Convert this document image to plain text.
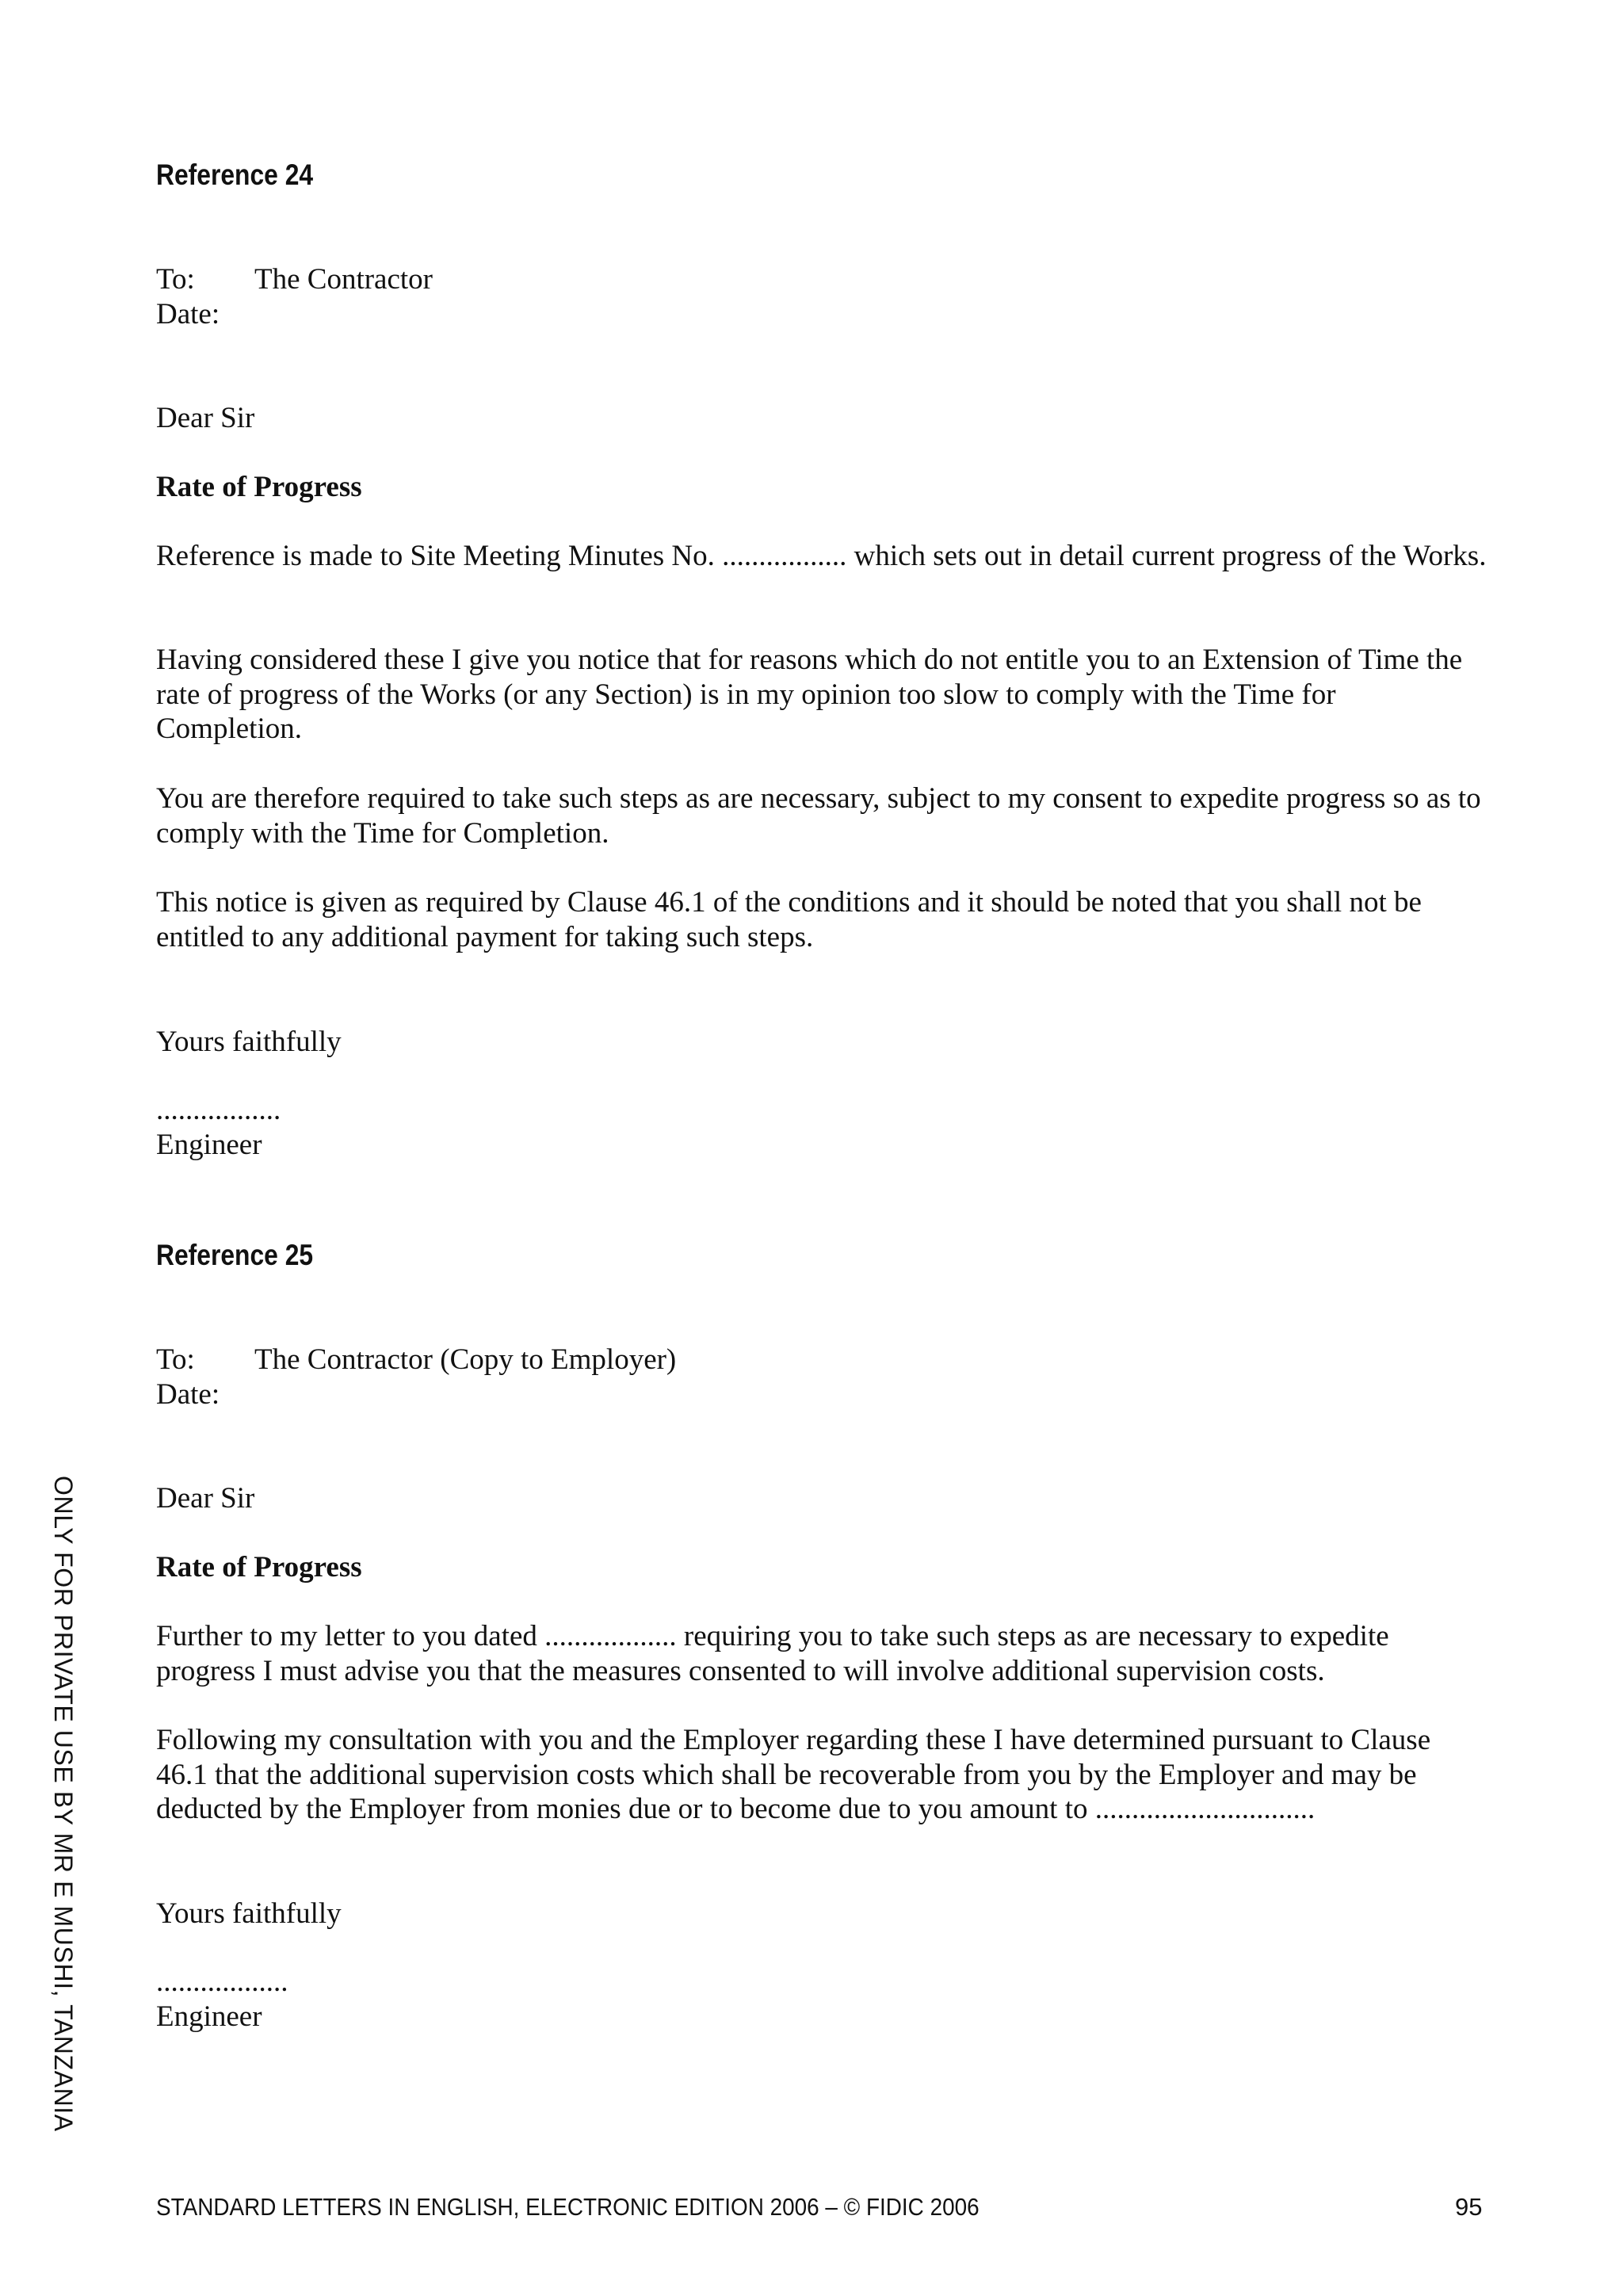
Reference 24
To: The Contractor
Date:
Dear Sir
Rate of Progress
Reference is made to Site Meeting Minutes No. ................. which sets out in detail current progress of the Works.
Having considered these I give you notice that for reasons which do not entitle you to an Extension of Time the rate of progress of the Works (or any Section) is in my opinion too slow to comply with the Time for Completion.
You are therefore required to take such steps as are necessary, subject to my consent to expedite progress so as to comply with the Time for Completion.
This notice is given as required by Clause 46.1 of the conditions and it should be noted that you shall not be entitled to any additional payment for taking such steps.
Yours faithfully
.................
Engineer
Reference 25
To: The Contractor (Copy to Employer)
Date:
Dear Sir
Rate of Progress
Further to my letter to you dated .................. requiring you to take such steps as are necessary to expedite progress I must advise you that the measures consented to will involve additional supervision costs.
Following my consultation with you and the Employer regarding these I have determined pursuant to Clause 46.1 that the additional supervision costs which shall be recoverable from you by the Employer and may be deducted by the Employer from monies due or to become due to you amount to ..............................
Yours faithfully
..................
Engineer
ONLY FOR PRIVATE USE BY MR E MUSHI, TANZANIA
STANDARD LETTERS IN ENGLISH, ELECTRONIC EDITION 2006 – © FIDIC 2006	95
